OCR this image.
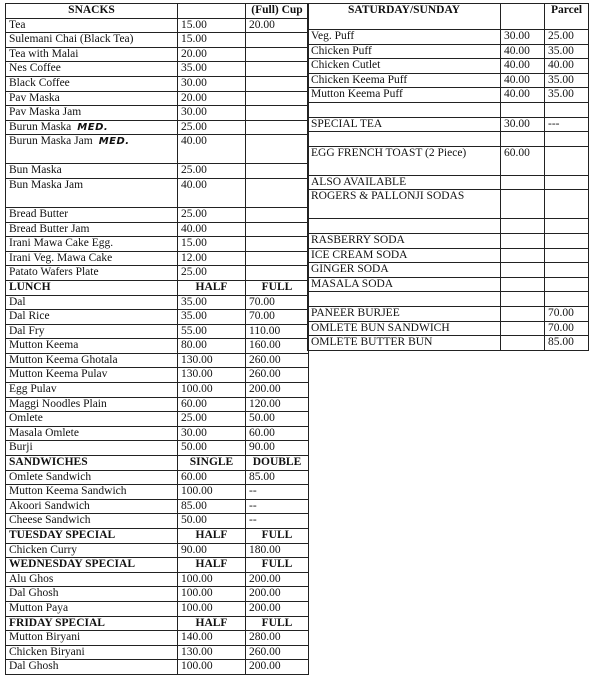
SNACKS		(Full) Cup
Tea	15.00	20.00
Sulemani Chai (Black Tea)	15.00	
Tea with Malai	20.00	
Nes Coffee	35.00	
Black Coffee	30.00	
Pav Maska	20.00	
Pav Maska Jam	30.00	
Burun Maska MED.	25.00	
Burun Maska Jam MED.	40.00	
Bun Maska	25.00	
Bun Maska Jam	40.00	
Bread Butter	25.00	
Bread Butter Jam	40.00	
Irani Mawa Cake Egg.	15.00	
Irani Veg. Mawa Cake	12.00	
Patato Wafers Plate	25.00	
LUNCH	HALF	FULL
Dal	35.00	70.00
Dal Rice	35.00	70.00
Dal Fry	55.00	110.00
Mutton Keema	80.00	160.00
Mutton Keema Ghotala	130.00	260.00
Mutton Keema Pulav	130.00	260.00
Egg Pulav	100.00	200.00
Maggi Noodles Plain	60.00	120.00
Omlete	25.00	50.00
Masala Omlete	30.00	60.00
Burji	50.00	90.00
SANDWICHES	SINGLE	DOUBLE
Omlete Sandwich	60.00	85.00
Mutton Keema Sandwich	100.00	--
Akoori Sandwich	85.00	--
Cheese Sandwich	50.00	--
TUESDAY SPECIAL	HALF	FULL
Chicken Curry	90.00	180.00
WEDNESDAY SPECIAL	HALF	FULL
Alu Ghos	100.00	200.00
Dal Ghosh	100.00	200.00
Mutton Paya	100.00	200.00
FRIDAY SPECIAL	HALF	FULL
Mutton Biryani	140.00	280.00
Chicken Biryani	130.00	260.00
Dal Ghosh	100.00	200.00
SATURDAY/SUNDAY		Parcel
Veg. Puff	30.00	25.00
Chicken Puff	40.00	35.00
Chicken Cutlet	40.00	40.00
Chicken Keema Puff	40.00	35.00
Mutton Keema Puff	40.00	35.00

SPECIAL TEA	30.00	---

EGG FRENCH TOAST (2 Piece)	60.00	
ALSO AVAILABLE		
ROGERS & PALLONJI SODAS		

RASBERRY SODA		
ICE CREAM SODA		
GINGER SODA		
MASALA SODA		

PANEER BURJEE		70.00
OMLETE BUN SANDWICH		70.00
OMLETE BUTTER BUN		85.00
